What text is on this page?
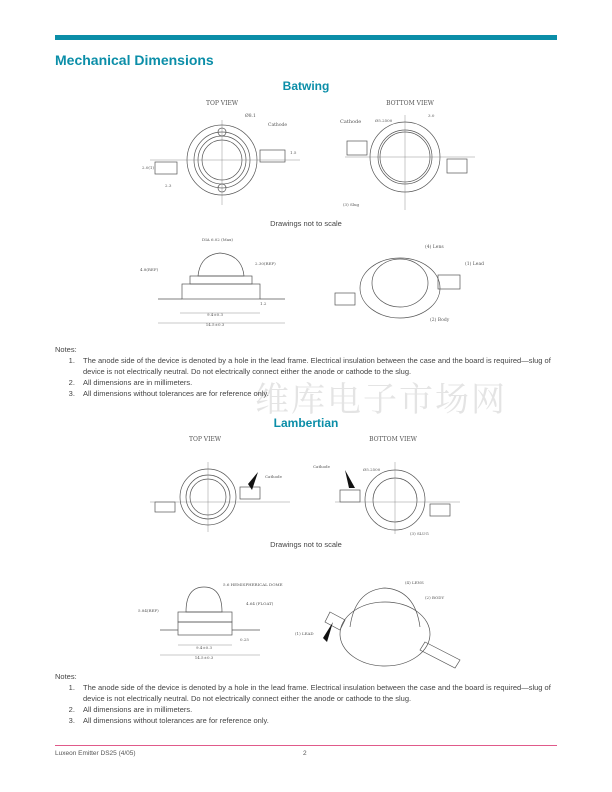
Mechanical Dimensions
Batwing
TOP VIEW
Ø8.1
Cathode
1.5
2.0(1)
2.3
BOTTOM VIEW
Cathode	Ø5.2500
3.0
(3) Slug
Drawings not to scale
DIA 6.02 (Max)
4.8(REF)
2.30(REF)
9.4±0.3
14.5±0.3
1.2
(4) Lens
(1) Lead
(2) Body
维库电子市场网
Notes:
1. The anode side of the device is denoted by a hole in the lead frame. Electrical insulation between the case and the board is required—slug of device is not electrically neutral. Do not electrically connect either the anode or cathode to the slug.
2. All dimensions are in millimeters.
3. All dimensions without tolerances are for reference only.
Lambertian
TOP VIEW
Cathode
BOTTOM VIEW
Cathode
Ø5.2500
(3) SLUG
Drawings not to scale
5.6 HEMISPHERICAL DOME
5.84(REF)
4.64 (FLOAT)
0.25
9.4±0.3
14.5±0.3
(4) LENS
(2) BODY
(1) LEAD
Notes:
1. The anode side of the device is denoted by a hole in the lead frame. Electrical insulation between the case and the board is required—slug of device is not electrically neutral. Do not electrically connect either the anode or cathode to the slug.
2. All dimensions are in millimeters.
3. All dimensions without tolerances are for reference only.
Luxeon Emitter DS25 (4/05)	2
